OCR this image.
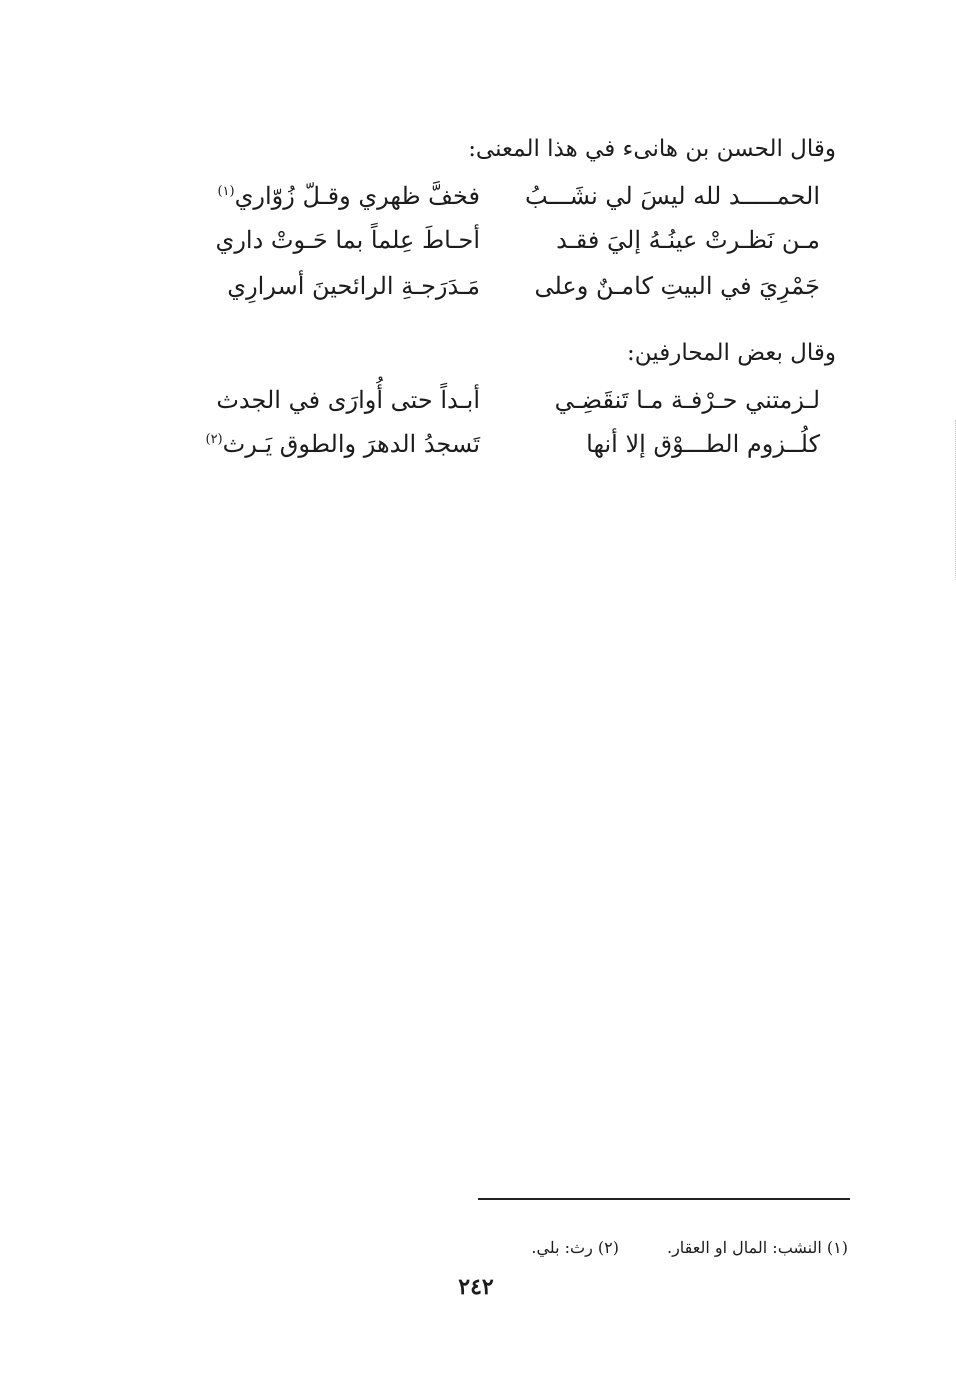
وقال الحسن بن هانىء في هذا المعنى:
الحمـــــد لله ليسَ لي نشَـــبُ
فخفَّ ظهري وقـلّ زُوّاري$^{(١)}$
مـن نَظـرتْ عينُـهُ إليَ فقـد
أحـاطَ عِلماً بما حَـوتْ داري
جَمْرِيَ في البيتِ كامـنٌ وعلى
مَـدَرَجـةِ الرائحينَ أسرارِي
وقال بعض المحارفين:
لـزمتني حـرْفـة مـا تَنقَضِـي
أبـداً حتى أُوارَى في الجدث
كلُــزوم الطـــوْق إلا أنها
تَسجدُ الدهرَ والطوق يَـرث$^{(٢)}$
(١) النشب: المال او العقار.(٢) رث: بلي.
٢٤٢
